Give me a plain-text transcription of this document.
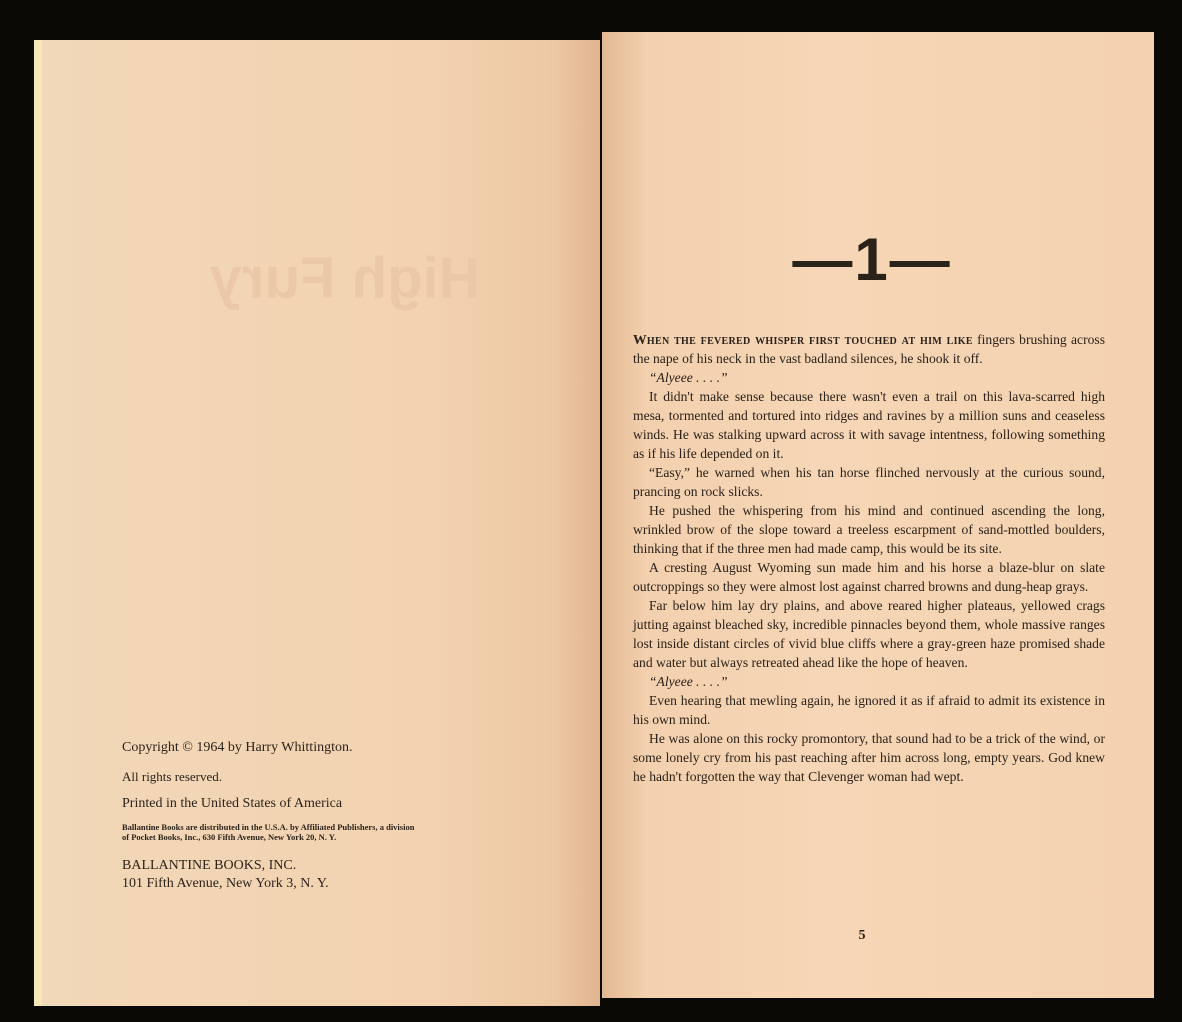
High Fury

Copyright © 1964 by Harry Whittington.

All rights reserved.

Printed in the United States of America

Ballantine Books are distributed in the U.S.A. by Affiliated Publishers, a division of Pocket Books, Inc., 630 Fifth Avenue, New York 20, N. Y.

BALLANTINE BOOKS, INC.

101 Fifth Avenue, New York 3, N. Y.

—1—

When the fevered whisper first touched at him like fingers brushing across the nape of his neck in the vast badland silences, he shook it off.

“Alyeee . . . .”

It didn't make sense because there wasn't even a trail on this lava-scarred high mesa, tormented and tortured into ridges and ravines by a million suns and ceaseless winds. He was stalking upward across it with savage intentness, following something as if his life depended on it.

“Easy,” he warned when his tan horse flinched nervously at the curious sound, prancing on rock slicks.

He pushed the whispering from his mind and continued ascending the long, wrinkled brow of the slope toward a treeless escarpment of sand-mottled boulders, thinking that if the three men had made camp, this would be its site.

A cresting August Wyoming sun made him and his horse a blaze-blur on slate outcroppings so they were almost lost against charred browns and dung-heap grays.

Far below him lay dry plains, and above reared higher plateaus, yellowed crags jutting against bleached sky, incredible pinnacles beyond them, whole massive ranges lost inside distant circles of vivid blue cliffs where a gray-green haze promised shade and water but always retreated ahead like the hope of heaven.

“Alyeee . . . .”

Even hearing that mewling again, he ignored it as if afraid to admit its existence in his own mind.

He was alone on this rocky promontory, that sound had to be a trick of the wind, or some lonely cry from his past reaching after him across long, empty years. God knew he hadn't forgotten the way that Clevenger woman had wept.

5
